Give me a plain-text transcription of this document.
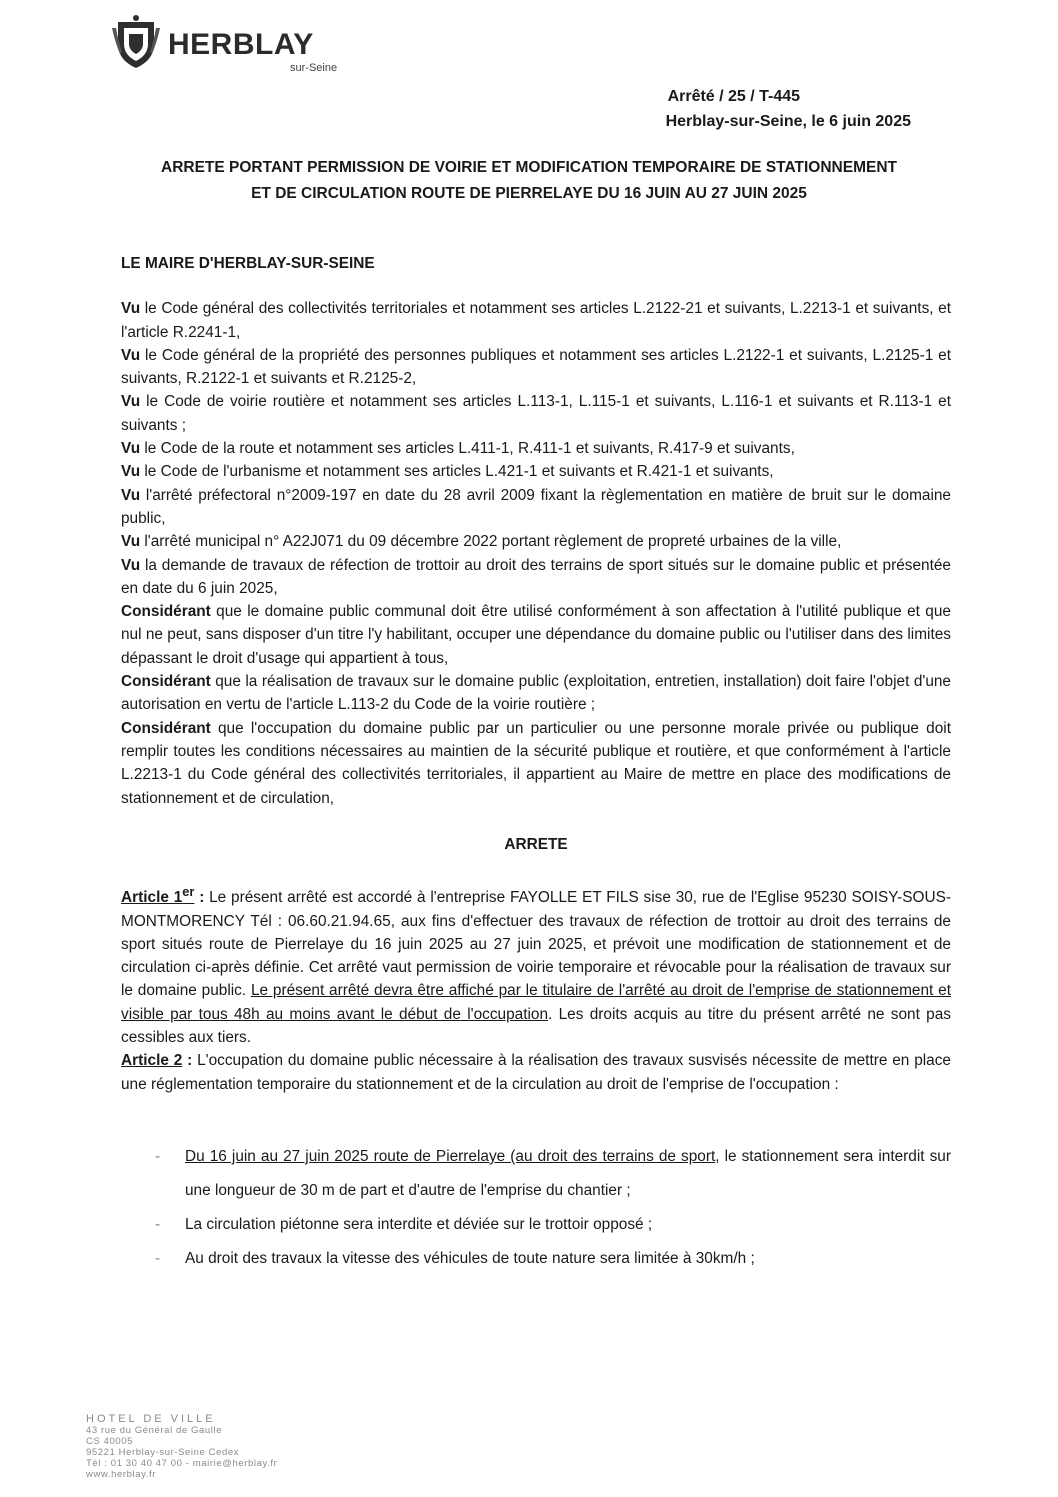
HERBLAY
sur-Seine
Arrêté / 25 / T-445
Herblay-sur-Seine, le 6 juin 2025
ARRETE PORTANT PERMISSION DE VOIRIE ET MODIFICATION TEMPORAIRE DE STATIONNEMENT
ET DE CIRCULATION ROUTE DE PIERRELAYE DU 16 JUIN AU 27 JUIN 2025
LE MAIRE D'HERBLAY-SUR-SEINE

Vu le Code général des collectivités territoriales et notamment ses articles L.2122-21 et suivants, L.2213-1 et suivants, et l'article R.2241-1,

Vu le Code général de la propriété des personnes publiques et notamment ses articles L.2122-1 et suivants, L.2125-1 et suivants, R.2122-1 et suivants et R.2125-2,

Vu le Code de voirie routière et notamment ses articles L.113-1, L.115-1 et suivants, L.116-1 et suivants et R.113-1 et suivants ;

Vu le Code de la route et notamment ses articles L.411-1, R.411-1 et suivants, R.417-9 et suivants,

Vu le Code de l'urbanisme et notamment ses articles L.421-1 et suivants et R.421-1 et suivants,

Vu l'arrêté préfectoral n°2009-197 en date du 28 avril 2009 fixant la règlementation en matière de bruit sur le domaine public,

Vu l'arrêté municipal n° A22J071 du 09 décembre 2022 portant règlement de propreté urbaines de la ville,

Vu la demande de travaux de réfection de trottoir au droit des terrains de sport situés sur le domaine public et présentée en date du 6 juin 2025,

Considérant que le domaine public communal doit être utilisé conformément à son affectation à l'utilité publique et que nul ne peut, sans disposer d'un titre l'y habilitant, occuper une dépendance du domaine public ou l'utiliser dans des limites dépassant le droit d'usage qui appartient à tous,

Considérant que la réalisation de travaux sur le domaine public (exploitation, entretien, installation) doit faire l'objet d'une autorisation en vertu de l'article L.113-2 du Code de la voirie routière ;

Considérant que l'occupation du domaine public par un particulier ou une personne morale privée ou publique doit remplir toutes les conditions nécessaires au maintien de la sécurité publique et routière, et que conformément à l'article L.2213-1 du Code général des collectivités territoriales, il appartient au Maire de mettre en place des modifications de stationnement et de circulation,

ARRETE
Article 1er : Le présent arrêté est accordé à l'entreprise FAYOLLE ET FILS sise 30, rue de l'Eglise 95230 SOISY-SOUS-MONTMORENCY Tél : 06.60.21.94.65, aux fins d'effectuer des travaux de réfection de trottoir au droit des terrains de sport situés route de Pierrelaye du 16 juin 2025 au 27 juin 2025, et prévoit une modification de stationnement et de circulation ci-après définie. Cet arrêté vaut permission de voirie temporaire et révocable pour la réalisation de travaux sur le domaine public. Le présent arrêté devra être affiché par le titulaire de l'arrêté au droit de l'emprise de stationnement et visible par tous 48h au moins avant le début de l'occupation. Les droits acquis au titre du présent arrêté ne sont pas cessibles aux tiers.
Article 2 : L'occupation du domaine public nécessaire à la réalisation des travaux susvisés nécessite de mettre en place une réglementation temporaire du stationnement et de la circulation au droit de l'emprise de l'occupation :
- Du 16 juin au 27 juin 2025 route de Pierrelaye (au droit des terrains de sport, le stationnement sera interdit sur une longueur de 30 m de part et d'autre de l'emprise du chantier ;
- La circulation piétonne sera interdite et déviée sur le trottoir opposé ;
- Au droit des travaux la vitesse des véhicules de toute nature sera limitée à 30km/h ;
HOTEL DE VILLE
43 rue du Général de Gaulle
CS 40005
95221 Herblay-sur-Seine Cedex
Tél : 01 30 40 47 00 - mairie@herblay.fr
www.herblay.fr
